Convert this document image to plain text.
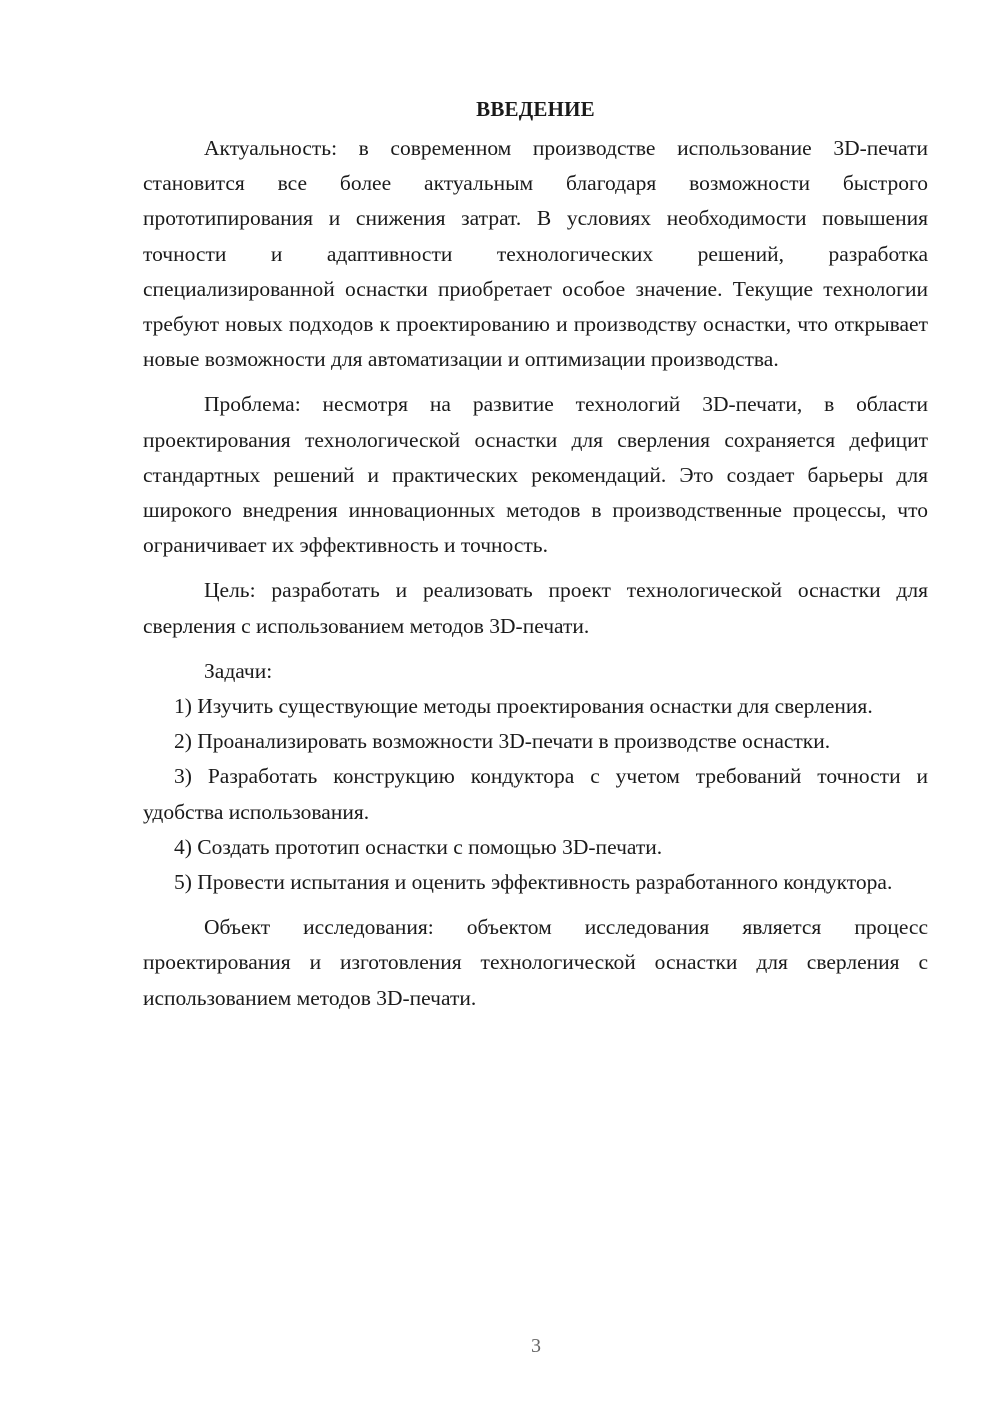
ВВЕДЕНИЕ

Актуальность: в современном производстве использование 3D-печати становится все более актуальным благодаря возможности быстрого прототипирования и снижения затрат. В условиях необходимости повышения точности и адаптивности технологических решений, разработка специализированной оснастки приобретает особое значение. Текущие технологии требуют новых подходов к проектированию и производству оснастки, что открывает новые возможности для автоматизации и оптимизации производства.

Проблема: несмотря на развитие технологий 3D-печати, в области проектирования технологической оснастки для сверления сохраняется дефицит стандартных решений и практических рекомендаций. Это создает барьеры для широкого внедрения инновационных методов в производственные процессы, что ограничивает их эффективность и точность.

Цель: разработать и реализовать проект технологической оснастки для сверления с использованием методов 3D-печати.

Задачи:

1) Изучить существующие методы проектирования оснастки для сверления.

2) Проанализировать возможности 3D-печати в производстве оснастки.

3) Разработать конструкцию кондуктора с учетом требований точности и удобства использования.

4) Создать прототип оснастки с помощью 3D-печати.

5) Провести испытания и оценить эффективность разработанного кондуктора.

Объект исследования: объектом исследования является процесс проектирования и изготовления технологической оснастки для сверления с использованием методов 3D-печати.

3
